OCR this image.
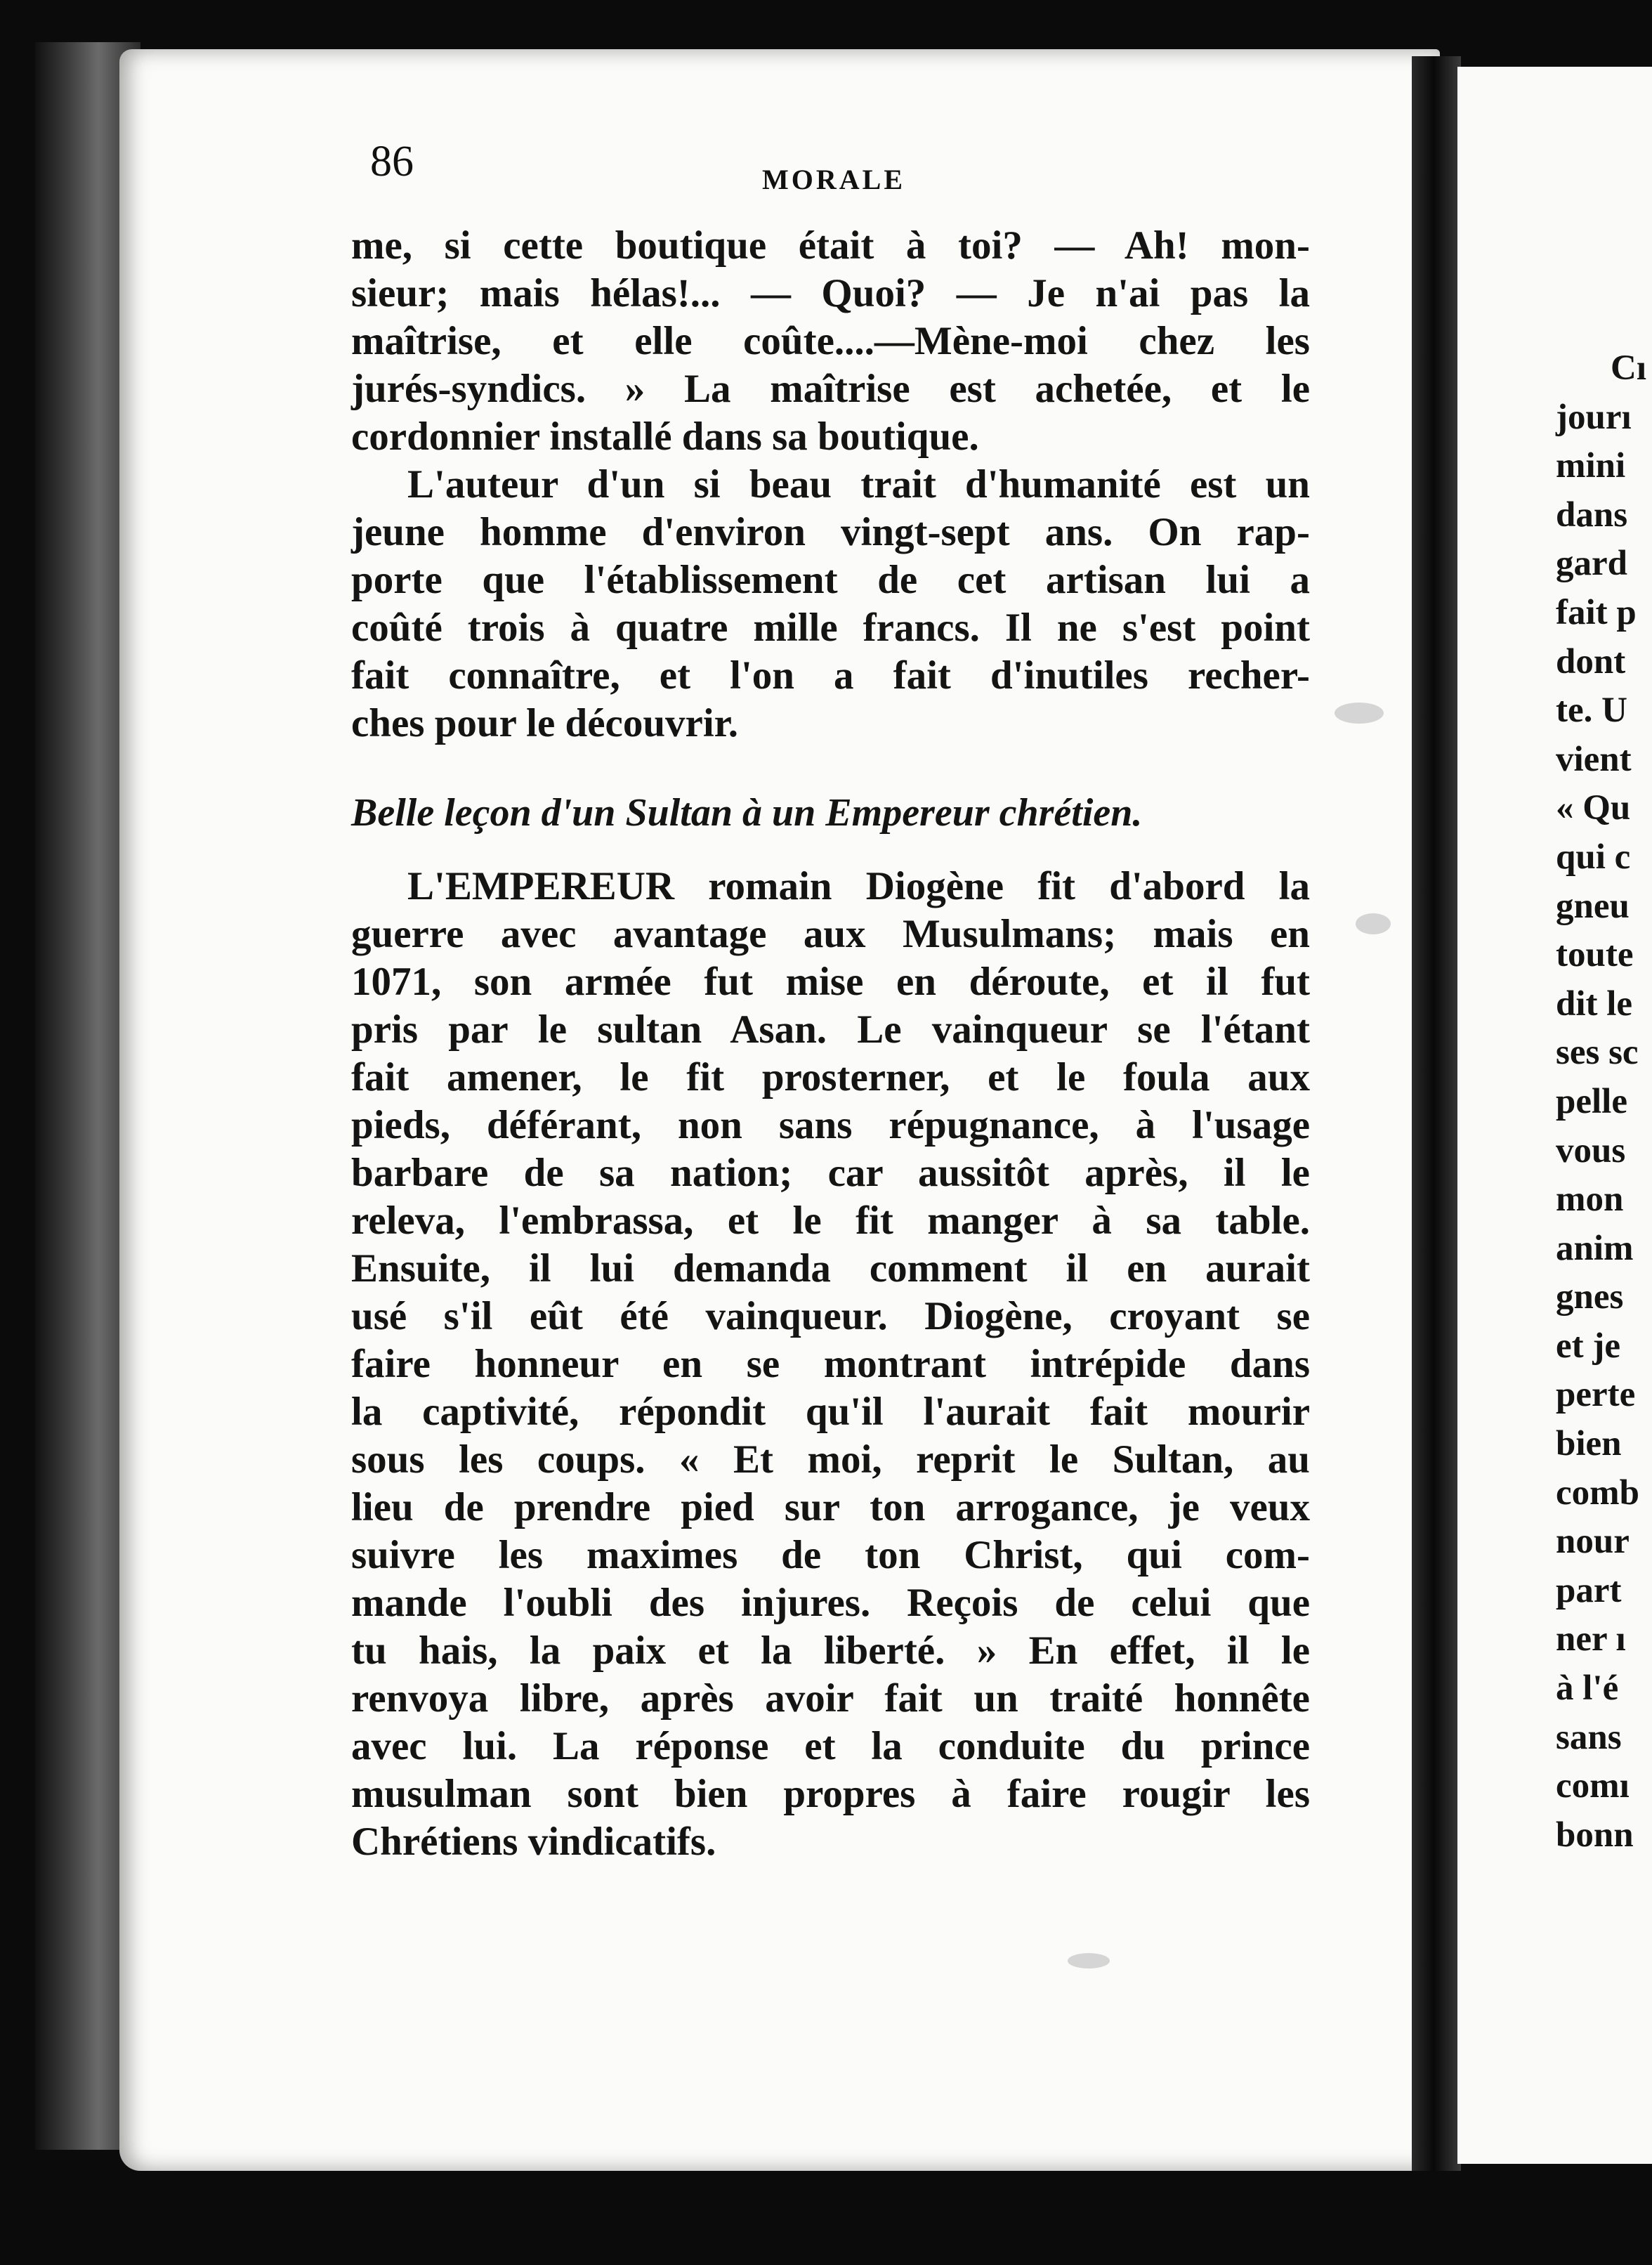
86	MORALE
me, si cette boutique était à toi? — Ah! mon-
sieur; mais hélas!... — Quoi? — Je n'ai pas la
maîtrise, et elle coûte....—Mène-moi chez les
jurés-syndics. » La maîtrise est achetée, et le
cordonnier installé dans sa boutique.
L'auteur d'un si beau trait d'humanité est un
jeune homme d'environ vingt-sept ans. On rap-
porte que l'établissement de cet artisan lui a
coûté trois à quatre mille francs. Il ne s'est point
fait connaître, et l'on a fait d'inutiles recher-
ches pour le découvrir.
Belle leçon d'un Sultan à un Empereur chrétien.
L'EMPEREUR romain Diogène fit d'abord la
guerre avec avantage aux Musulmans; mais en
1071, son armée fut mise en déroute, et il fut
pris par le sultan Asan. Le vainqueur se l'étant
fait amener, le fit prosterner, et le foula aux
pieds, déférant, non sans répugnance, à l'usage
barbare de sa nation; car aussitôt après, il le
releva, l'embrassa, et le fit manger à sa table.
Ensuite, il lui demanda comment il en aurait
usé s'il eût été vainqueur. Diogène, croyant se
faire honneur en se montrant intrépide dans
la captivité, répondit qu'il l'aurait fait mourir
sous les coups. « Et moi, reprit le Sultan, au
lieu de prendre pied sur ton arrogance, je veux
suivre les maximes de ton Christ, qui com-
mande l'oubli des injures. Reçois de celui que
tu hais, la paix et la liberté. » En effet, il le
renvoya libre, après avoir fait un traité honnête
avec lui. La réponse et la conduite du prince
musulman sont bien propres à faire rougir les
Chrétiens vindicatifs.
Cı
jourı
mini
dans
gard
fait p
dont
te. U
vient
« Qu
qui c
gneu
toute
dit le
ses sc
pelle
vous
mon
anim
gnes
et je
perte
bien
comb
nour
part
ner ı
à l'é
sans
comı
bonn
